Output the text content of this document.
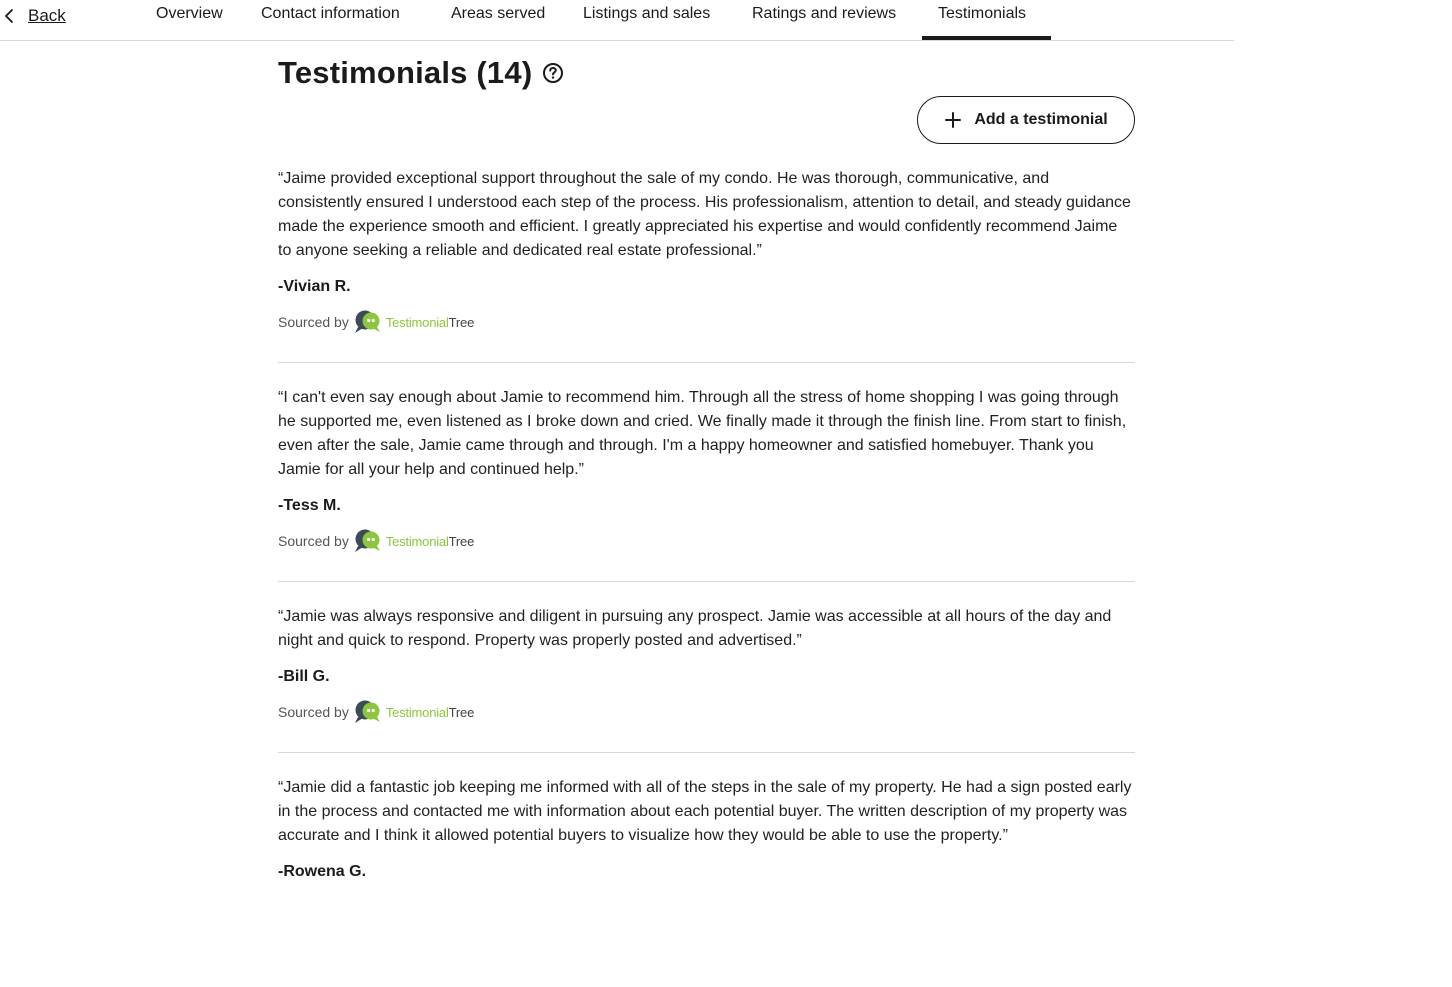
Back	Overview Contact information	Areas served Listings and sales	Ratings and reviews	Testimonials
Testimonials (14)
Add a testimonial

“Jaime provided exceptional support throughout the sale of my condo. He was thorough, communicative, and consistently ensured I understood each step of the process. His professionalism, attention to detail, and steady guidance made the experience smooth and efficient. I greatly appreciated his expertise and would confidently recommend Jaime to anyone seeking a reliable and dedicated real estate professional.”

-Vivian R.
Sourced by	TestimonialTree

“I can't even say enough about Jamie to recommend him. Through all the stress of home shopping I was going through he supported me, even listened as I broke down and cried. We finally made it through the finish line. From start to finish, even after the sale, Jamie came through and through. I'm a happy homeowner and satisfied homebuyer. Thank you Jamie for all your help and continued help.”

-Tess M.
Sourced by	TestimonialTree

“Jamie was always responsive and diligent in pursuing any prospect. Jamie was accessible at all hours of the day and night and quick to respond. Property was properly posted and advertised.”

-Bill G.
Sourced by	TestimonialTree

“Jamie did a fantastic job keeping me informed with all of the steps in the sale of my property. He had a sign posted early in the process and contacted me with information about each potential buyer. The written description of my property was accurate and I think it allowed potential buyers to visualize how they would be able to use the property.”

-Rowena G.
